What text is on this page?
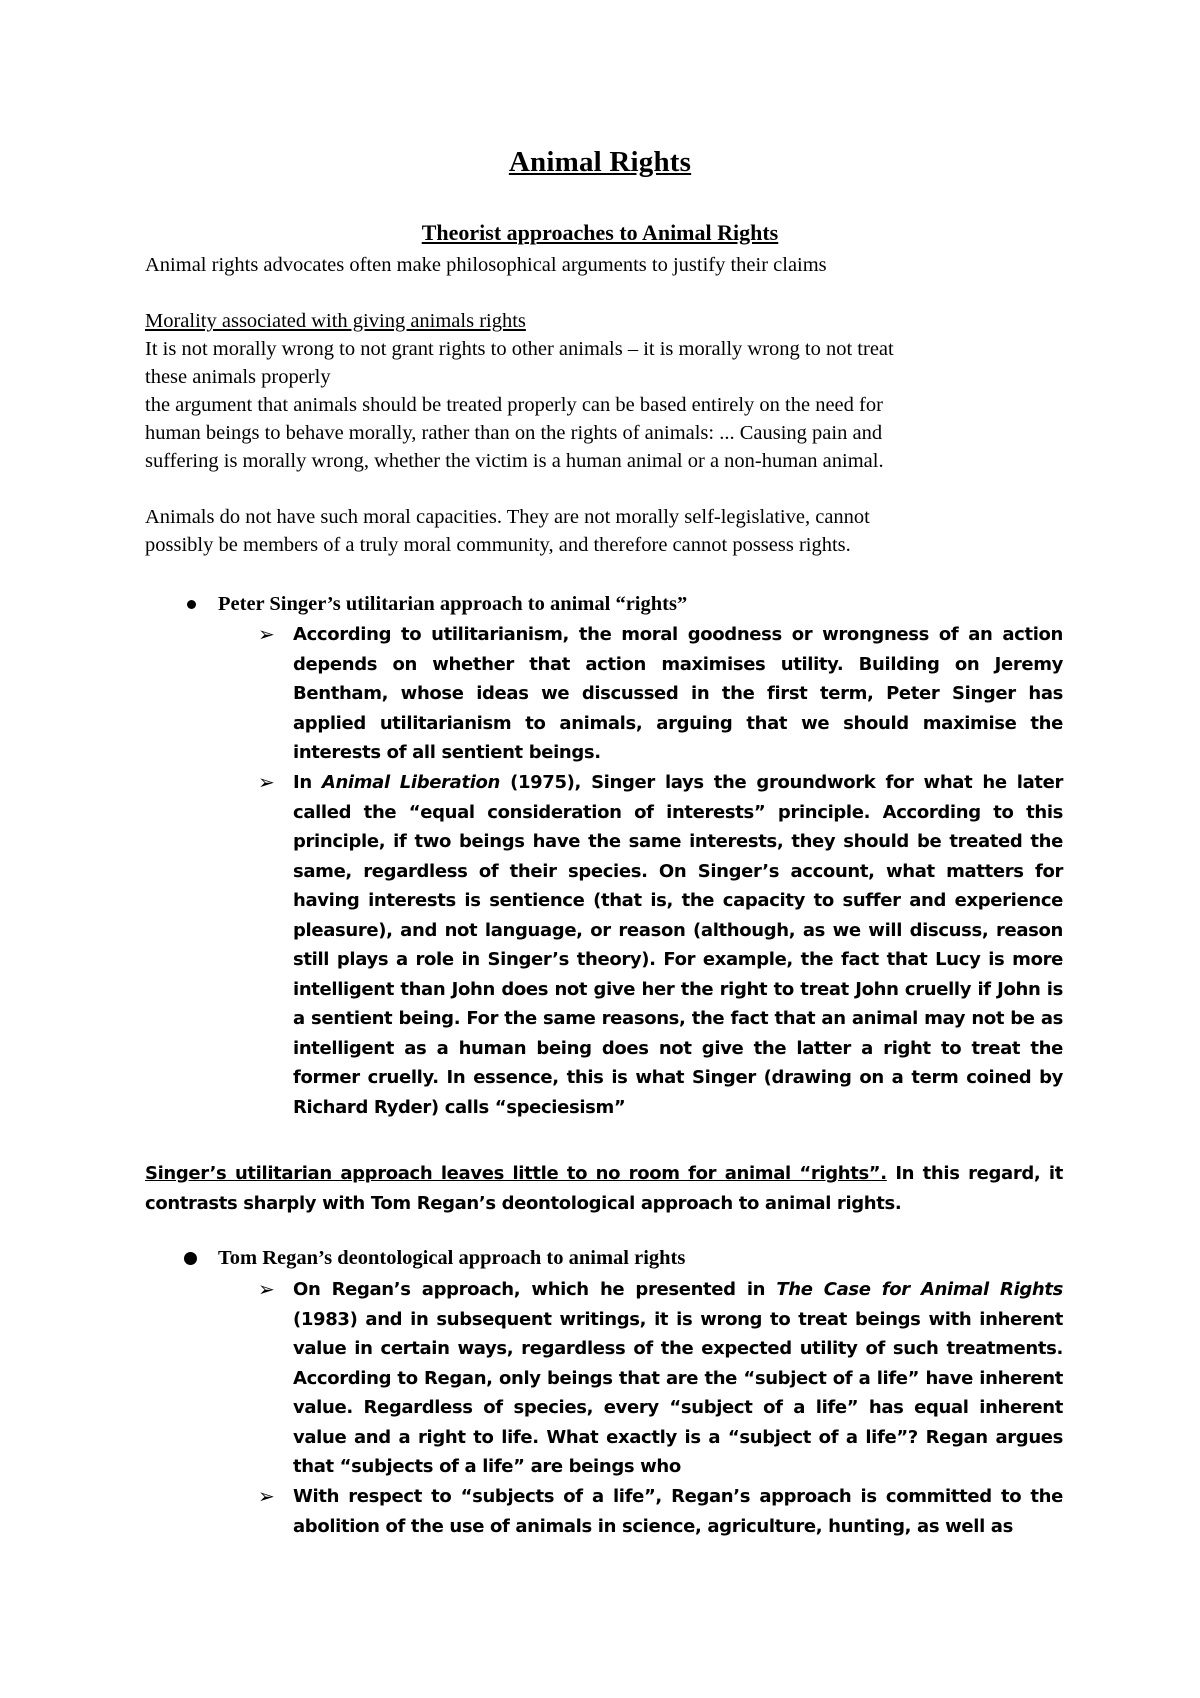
Animal Rights
Theorist approaches to Animal Rights
Animal rights advocates often make philosophical arguments to justify their claims
Morality associated with giving animals rights
It is not morally wrong to not grant rights to other animals – it is morally wrong to not treat
these animals properly
the argument that animals should be treated properly can be based entirely on the need for
human beings to behave morally, rather than on the rights of animals: ... Causing pain and
suffering is morally wrong, whether the victim is a human animal or a non-human animal.
Animals do not have such moral capacities. They are not morally self-legislative, cannot
possibly be members of a truly moral community, and therefore cannot possess rights.
Peter Singer’s utilitarian approach to animal “rights”
➢ According to utilitarianism, the moral goodness or wrongness of an action depends on whether that action maximises utility. Building on Jeremy Bentham, whose ideas we discussed in the first term, Peter Singer has applied utilitarianism to animals, arguing that we should maximise the interests of all sentient beings.
➢ In Animal Liberation (1975), Singer lays the groundwork for what he later called the “equal consideration of interests” principle. According to this principle, if two beings have the same interests, they should be treated the same, regardless of their species. On Singer’s account, what matters for having interests is sentience (that is, the capacity to suffer and experience pleasure), and not language, or reason (although, as we will discuss, reason still plays a role in Singer’s theory). For example, the fact that Lucy is more intelligent than John does not give her the right to treat John cruelly if John is a sentient being. For the same reasons, the fact that an animal may not be as intelligent as a human being does not give the latter a right to treat the former cruelly. In essence, this is what Singer (drawing on a term coined by Richard Ryder) calls “speciesism”
Singer’s utilitarian approach leaves little to no room for animal “rights”. In this regard, it contrasts sharply with Tom Regan’s deontological approach to animal rights.
Tom Regan’s deontological approach to animal rights
➢ On Regan’s approach, which he presented in The Case for Animal Rights (1983) and in subsequent writings, it is wrong to treat beings with inherent value in certain ways, regardless of the expected utility of such treatments. According to Regan, only beings that are the “subject of a life” have inherent value. Regardless of species, every “subject of a life” has equal inherent value and a right to life. What exactly is a “subject of a life”? Regan argues that “subjects of a life” are beings who
➢ With respect to “subjects of a life”, Regan’s approach is committed to the abolition of the use of animals in science, agriculture, hunting, as well as
